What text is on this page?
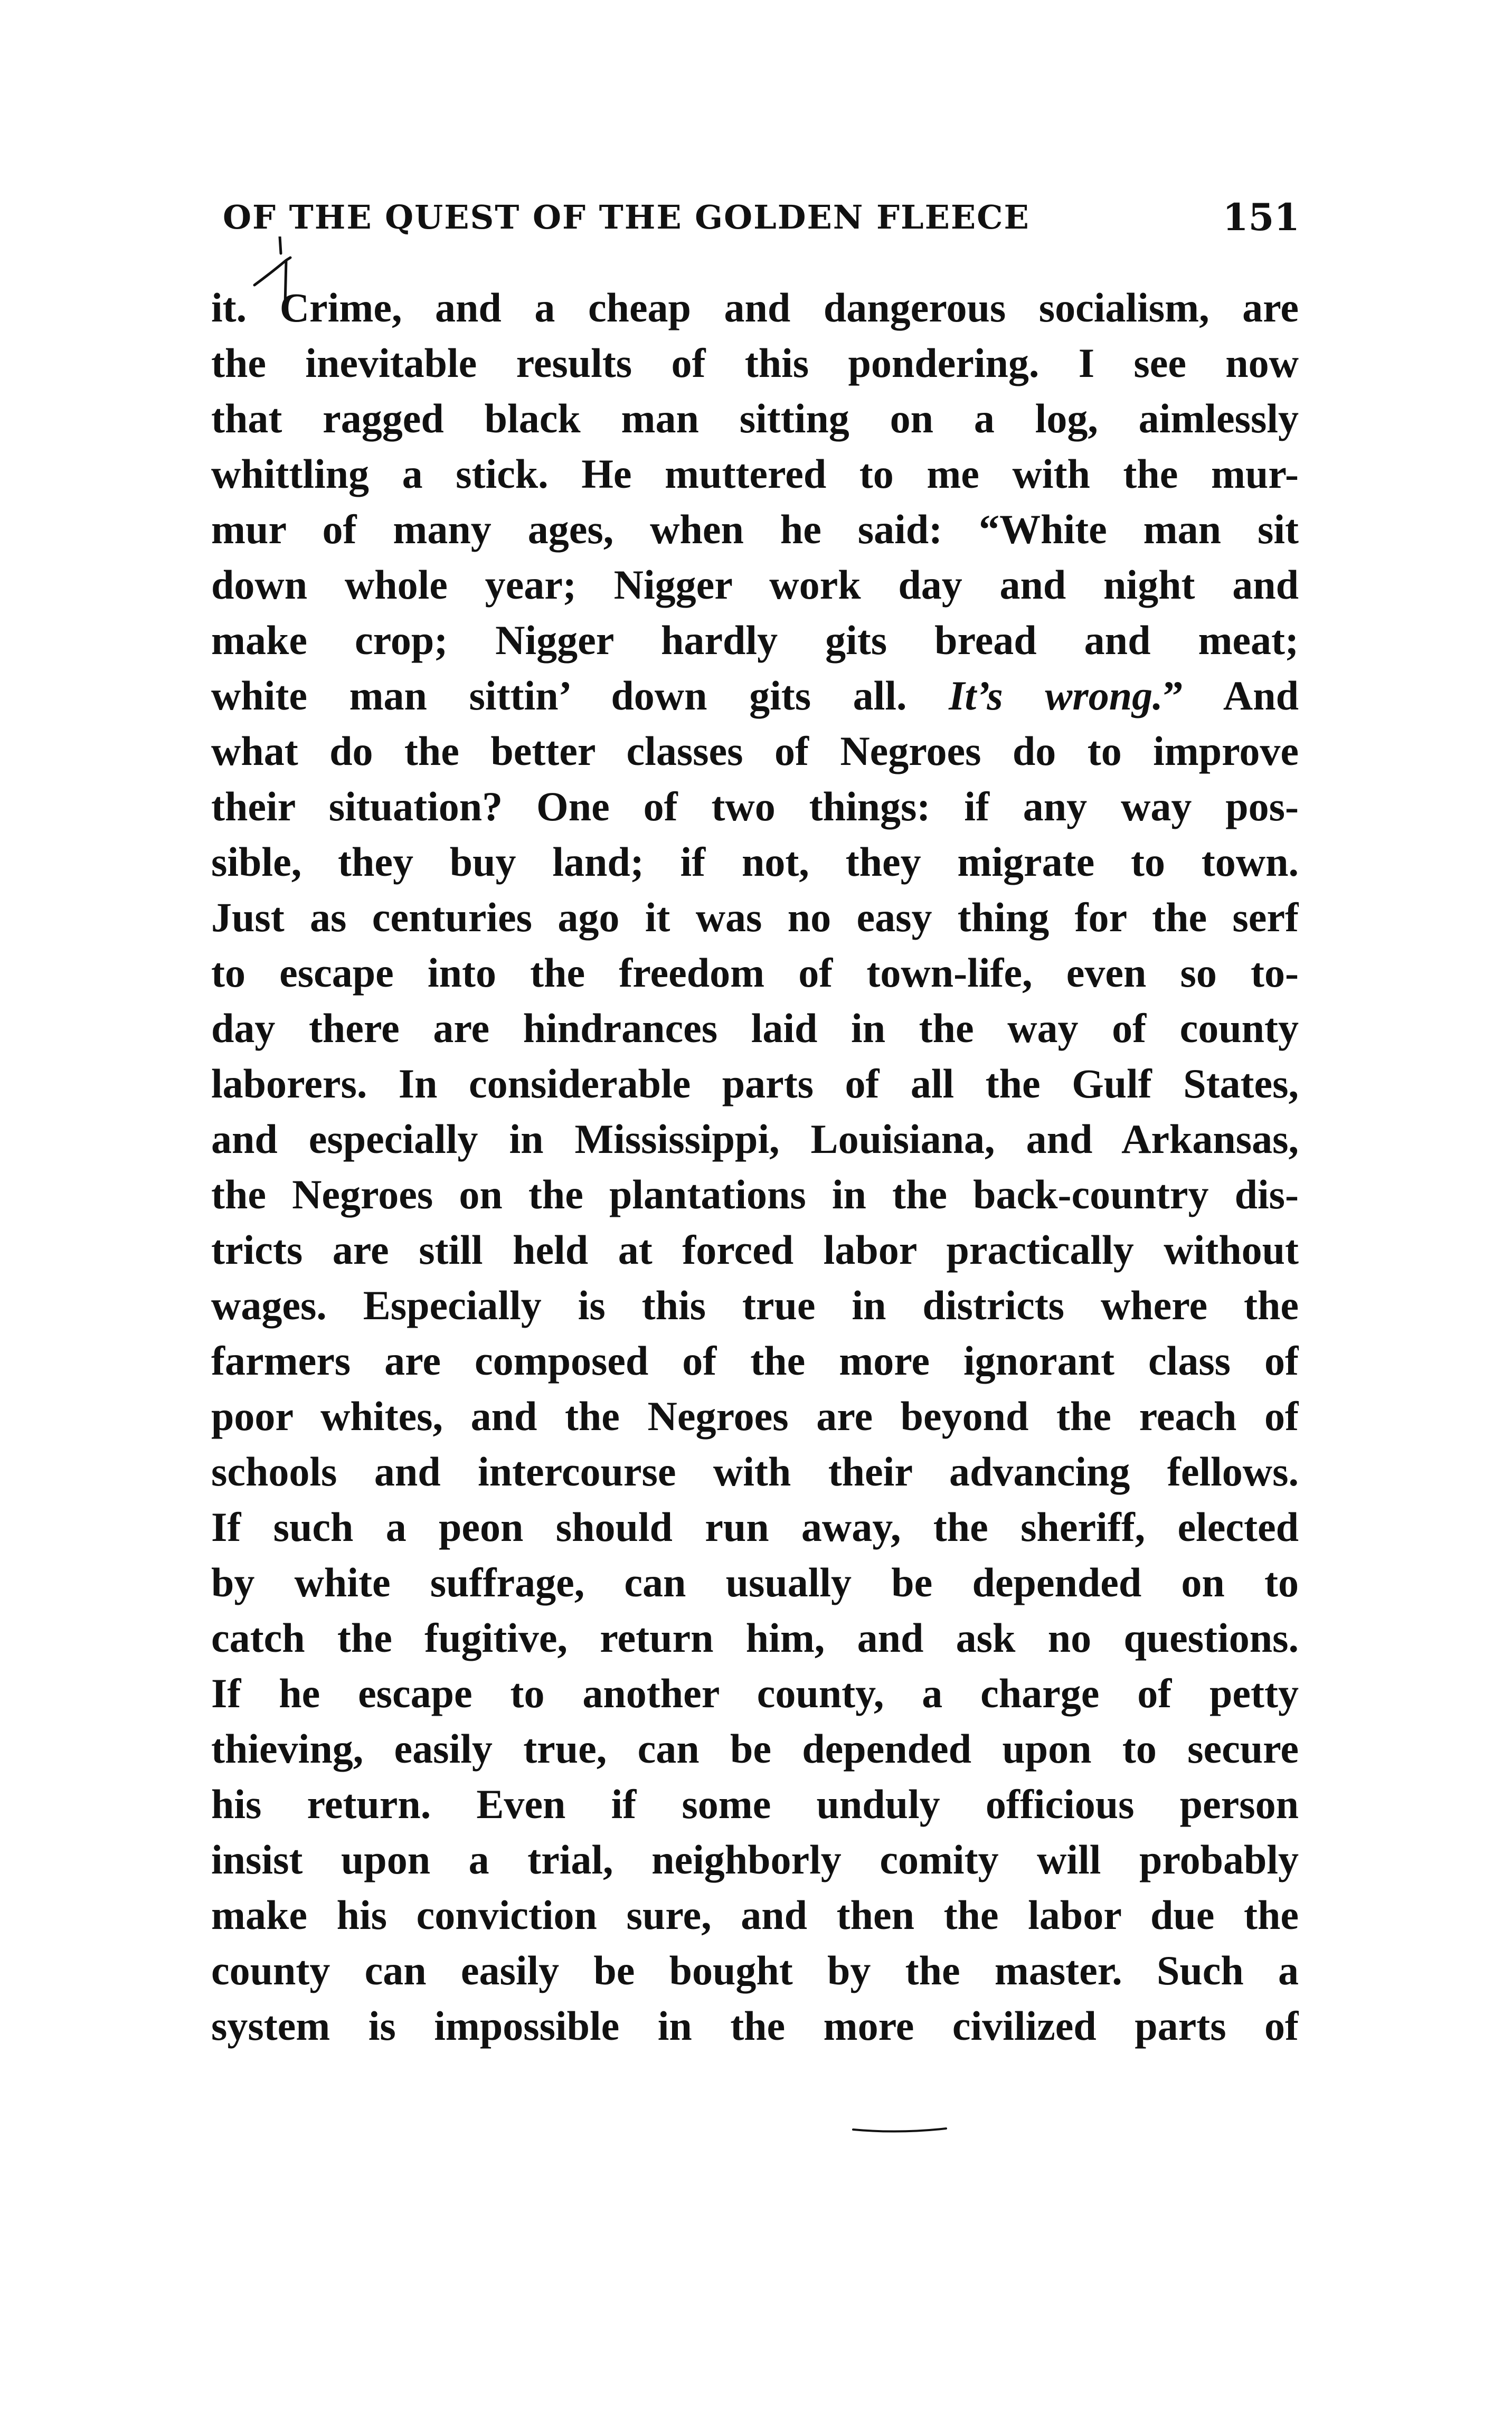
OF THE QUEST OF THE GOLDEN FLEECE	151
it. Crime, and a cheap and dangerous socialism, are
the inevitable results of this pondering. I see now
that ragged black man sitting on a log, aimlessly
whittling a stick. He muttered to me with the mur-
mur of many ages, when he said: “White man sit
down whole year; Nigger work day and night and
make crop; Nigger hardly gits bread and meat;
white man sittin’ down gits all. It’s wrong.” And
what do the better classes of Negroes do to improve
their situation? One of two things: if any way pos-
sible, they buy land; if not, they migrate to town.
Just as centuries ago it was no easy thing for the serf
to escape into the freedom of town-life, even so to-
day there are hindrances laid in the way of county
laborers. In considerable parts of all the Gulf States,
and especially in Mississippi, Louisiana, and Arkansas,
the Negroes on the plantations in the back-country dis-
tricts are still held at forced labor practically without
wages. Especially is this true in districts where the
farmers are composed of the more ignorant class of
poor whites, and the Negroes are beyond the reach of
schools and intercourse with their advancing fellows.
If such a peon should run away, the sheriff, elected
by white suffrage, can usually be depended on to
catch the fugitive, return him, and ask no questions.
If he escape to another county, a charge of petty
thieving, easily true, can be depended upon to secure
his return. Even if some unduly officious person
insist upon a trial, neighborly comity will probably
make his conviction sure, and then the labor due the
county can easily be bought by the master. Such a
system is impossible in the more civilized parts of
